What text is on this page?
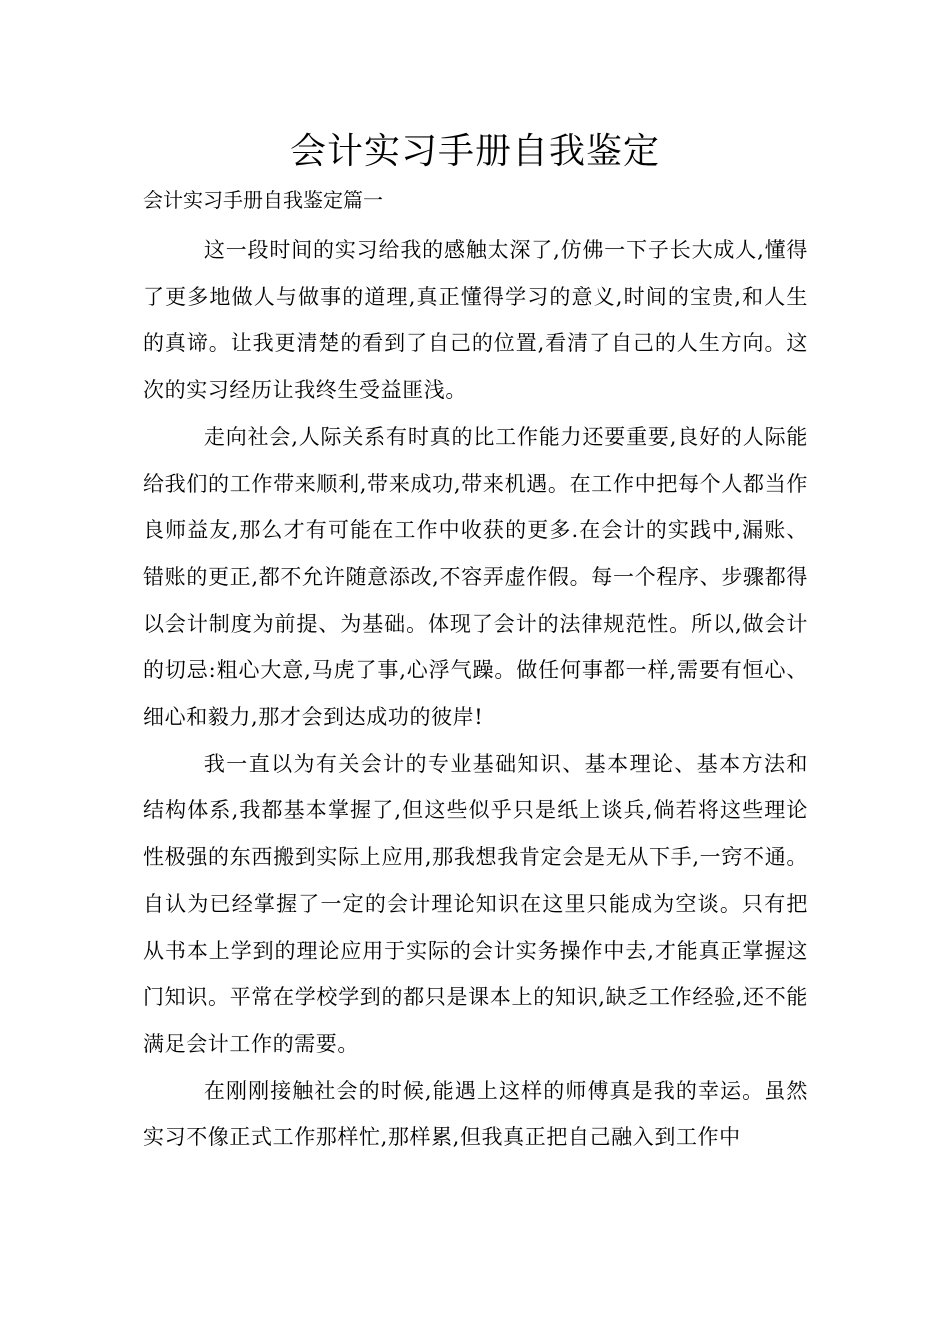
会计实习手册自我鉴定

会计实习手册自我鉴定篇一

这一段时间的实习给我的感触太深了,仿佛一下子长大成人,懂得了更多地做人与做事的道理,真正懂得学习的意义,时间的宝贵,和人生的真谛。让我更清楚的看到了自己的位置,看清了自己的人生方向。这次的实习经历让我终生受益匪浅。

走向社会,人际关系有时真的比工作能力还要重要,良好的人际能给我们的工作带来顺利,带来成功,带来机遇。在工作中把每个人都当作良师益友,那么才有可能在工作中收获的更多.在会计的实践中,漏账、错账的更正,都不允许随意添改,不容弄虚作假。每一个程序、步骤都得以会计制度为前提、为基础。体现了会计的法律规范性。所以,做会计的切忌:粗心大意,马虎了事,心浮气躁。做任何事都一样,需要有恒心、细心和毅力,那才会到达成功的彼岸!

我一直以为有关会计的专业基础知识、基本理论、基本方法和结构体系,我都基本掌握了,但这些似乎只是纸上谈兵,倘若将这些理论性极强的东西搬到实际上应用,那我想我肯定会是无从下手,一窍不通。自认为已经掌握了一定的会计理论知识在这里只能成为空谈。只有把从书本上学到的理论应用于实际的会计实务操作中去,才能真正掌握这门知识。平常在学校学到的都只是课本上的知识,缺乏工作经验,还不能满足会计工作的需要。

在刚刚接触社会的时候,能遇上这样的师傅真是我的幸运。虽然实习不像正式工作那样忙,那样累,但我真正把自己融入到工作中
